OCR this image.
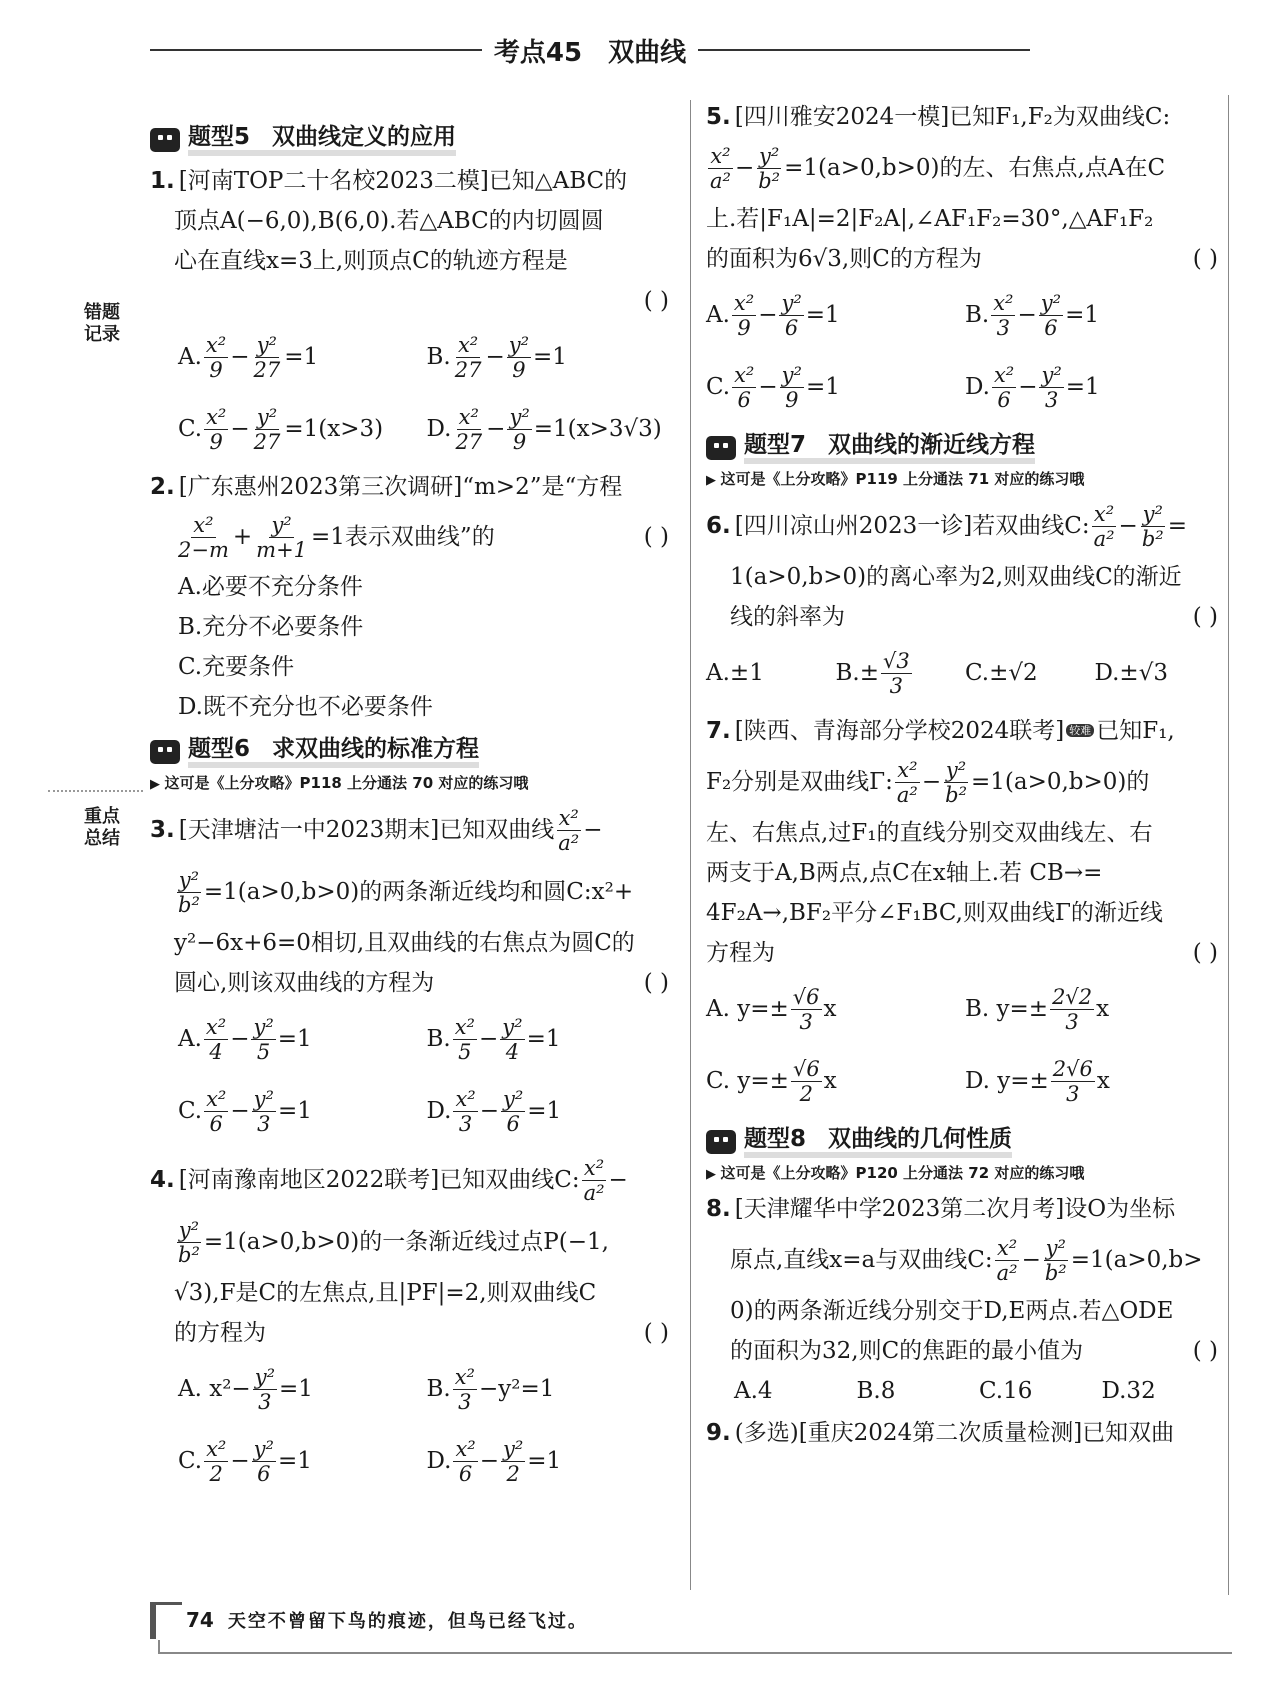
考点45 双曲线
错题记录
重点总结
题型5 双曲线定义的应用
1. [河南TOP二十名校2023二模]已知△ABC的
顶点A(−6,0),B(6,0).若△ABC的内切圆圆
心在直线x=3上,则顶点C的轨迹方程是
( )
A. x²
$9 - \frac{\text{y²}}{27} =1$	B. x²
$27 - \frac{\text{y²}}{9} =1$
C. x²
$9 - \frac{\text{y²}}{27} =1(x>3)$ D. x²
$27 - \frac{\text{y²}}{9} =1(x>3√3)$
2. [广东惠州2023第三次调研]“m>2”是“方程
x²
$2-m + \frac{\text{y²}}{m+1} =1$表示双曲线”的	( )
A.必要不充分条件
B.充分不必要条件
C.充要条件
D.既不充分也不必要条件
题型6 求双曲线的标准方程
▶ 这可是《上分攻略》P118 上分通法 70 对应的练习哦
3. [天津塘沽一中2023期末]已知双曲线 x²
a² −
$\frac{\text{y²}}{\text{b²}} =1(a>0,b>0)$的两条渐近线均和圆C:x²+
y²−6x+6=0相切,且双曲线的右焦点为圆C的
圆心,则该双曲线的方程为	( )
A. x²
4 − y²
5 =1	B. x²
5 − y²
4 =1
C. x²
6 − y²
3 =1	D. x²
3 − y²
6 =1
4. [河南豫南地区2022联考]已知双曲线C: x²
a² −
$\frac{\text{y²}}{\text{b²}} =1(a>0,b>0)$的一条渐近线过点P(−1,
√3),F是C的左焦点,且|PF|=2,则双曲线C
的方程为	( )
A. x²− y²
3 =1	B. x²
3 −y²=1
C. x²
2 − y²
6 =1	D. x²
6 − y²
2 =1
5. [四川雅安2024一模]已知F₁,F₂为双曲线C:
x²
$a^2 - \frac{\text{y²}}{\text{b²}} =1(a>0,b>0)$的左、右焦点,点A在C
上.若|F₁A|=2|F₂A|,∠AF₁F₂=30°,△AF₁F₂
的面积为6√3,则C的方程为	( )
A. x²
9 − y²
6 =1	B. x²
3 − y²
6 =1
C. x²
6 − y²
9 =1	D. x²
6 − y²
3 =1
题型7 双曲线的渐近线方程
▶ 这可是《上分攻略》P119 上分通法 71 对应的练习哦
6. [四川凉山州2023一诊]若双曲线C: x²
a² − y²
b² =
1(a>0,b>0)的离心率为2,则双曲线C的渐近
线的斜率为	( )
A.±1	$B.\pm \frac{√3}{3} C.\pm√2$	D.±√3
7. [陕西、青海部分学校2024联考] $^{较难}$ 已知F₁,
F₂分别是双曲线Γ: x²
$a^2 - \frac{\text{y²}}{\text{b²}} =1(a>0,b>0)$的
左、右焦点,过F₁的直线分别交双曲线左、右
两支于A,B两点,点C在x轴上.若 CB→=
4F₂A→,BF₂平分∠F₁BC,则双曲线Γ的渐近线
方程为	( )
A. y=± √6
3 x	B. y=± 2√2
3 x
C. y=± √6
2 x	D. y=± 2√6
3 x
题型8 双曲线的几何性质
▶ 这可是《上分攻略》P120 上分通法 72 对应的练习哦
8. [天津耀华中学2023第二次月考]设O为坐标
原点,直线x=a与双曲线C: x²
$a^2 - \frac{\text{y²}}{\text{b²}} =1(a>0,b>$
0)的两条渐近线分别交于D,E两点.若△ODE
的面积为32,则C的焦距的最小值为	( )
A.4	B.8	C.16	D.32
9. (多选)[重庆2024第二次质量检测]已知双曲
74 天空不曾留下鸟的痕迹，但鸟已经飞过。
